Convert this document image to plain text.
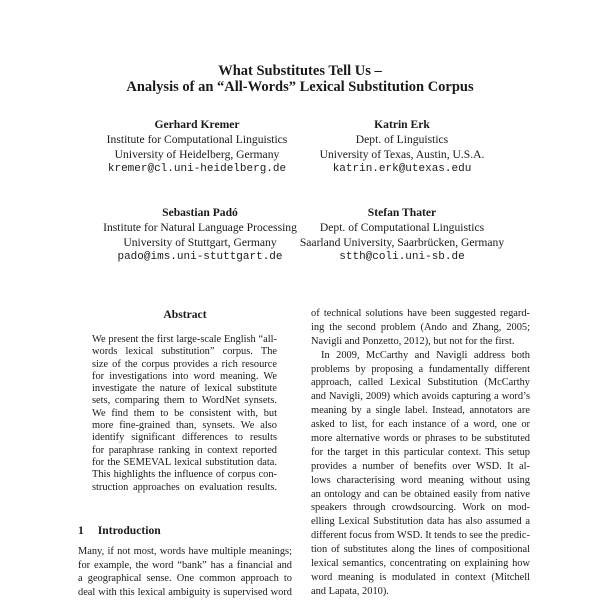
What Substitutes Tell Us –
Analysis of an “All-Words” Lexical Substitution Corpus
Gerhard Kremer
Institute for Computational Linguistics
University of Heidelberg, Germany
kremer@cl.uni-heidelberg.de
Katrin Erk
Dept. of Linguistics
University of Texas, Austin, U.S.A.
katrin.erk@utexas.edu
Sebastian Padó
Institute for Natural Language Processing
University of Stuttgart, Germany
pado@ims.uni-stuttgart.de
Stefan Thater
Dept. of Computational Linguistics
Saarland University, Saarbrücken, Germany
stth@coli.uni-sb.de
Abstract
We present the first large-scale English “all-
words lexical substitution” corpus. The
size of the corpus provides a rich resource
for investigations into word meaning. We
investigate the nature of lexical substitute
sets, comparing them to WordNet synsets.
We find them to be consistent with, but
more fine-grained than, synsets. We also
identify significant differences to results
for paraphrase ranking in context reported
for the SEMEVAL lexical substitution data.
This highlights the influence of corpus con-
struction approaches on evaluation results.
1 Introduction
Many, if not most, words have multiple meanings;
for example, the word “bank” has a financial and
a geographical sense. One common approach to
deal with this lexical ambiguity is supervised word
of technical solutions have been suggested regard-
ing the second problem (Ando and Zhang, 2005;
Navigli and Ponzetto, 2012), but not for the first.
In 2009, McCarthy and Navigli address both
problems by proposing a fundamentally different
approach, called Lexical Substitution (McCarthy
and Navigli, 2009) which avoids capturing a word’s
meaning by a single label. Instead, annotators are
asked to list, for each instance of a word, one or
more alternative words or phrases to be substituted
for the target in this particular context. This setup
provides a number of benefits over WSD. It al-
lows characterising word meaning without using
an ontology and can be obtained easily from native
speakers through crowdsourcing. Work on mod-
elling Lexical Substitution data has also assumed a
different focus from WSD. It tends to see the predic-
tion of substitutes along the lines of compositional
lexical semantics, concentrating on explaining how
word meaning is modulated in context (Mitchell
and Lapata, 2010).
